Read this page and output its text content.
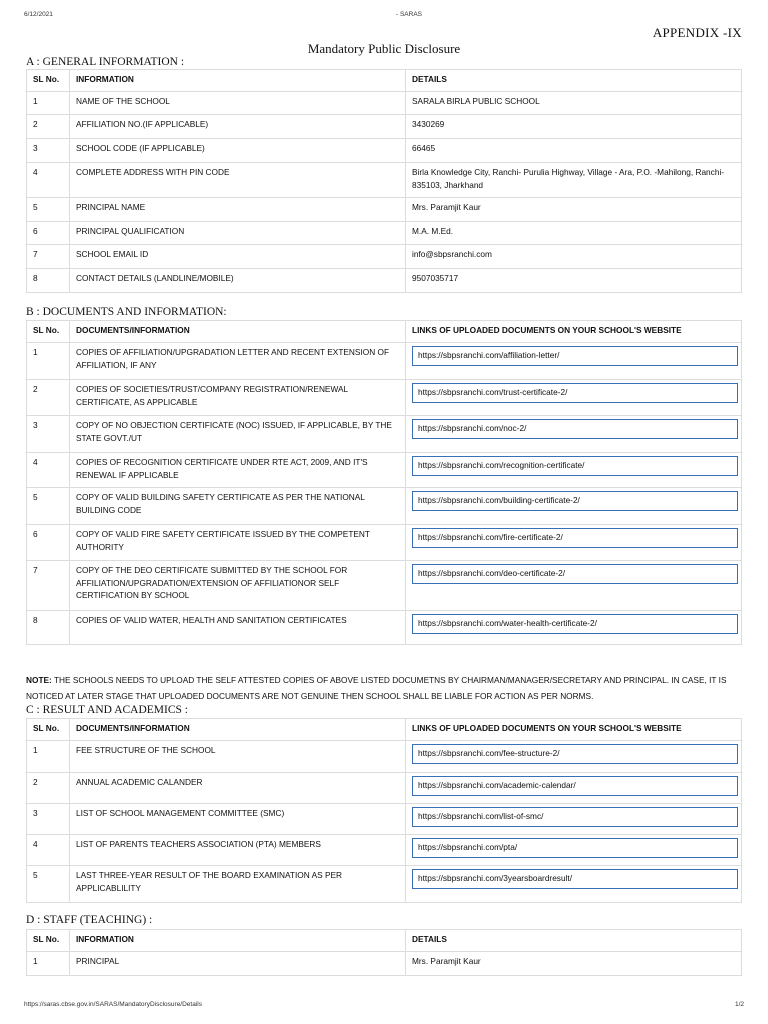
6/12/2021	- SARAS
APPENDIX -IX
Mandatory Public Disclosure
A : GENERAL INFORMATION :
SL No.	INFORMATION	DETAILS
1	NAME OF THE SCHOOL	SARALA BIRLA PUBLIC SCHOOL
2	AFFILIATION NO.(IF APPLICABLE)	3430269
3	SCHOOL CODE (IF APPLICABLE)	66465
4	COMPLETE ADDRESS WITH PIN CODE	Birla Knowledge City, Ranchi- Purulia Highway, Village - Ara, P.O. -Mahilong, Ranchi- 835103, Jharkhand
5	PRINCIPAL NAME	Mrs. Paramjit Kaur
6	PRINCIPAL QUALIFICATION	M.A. M.Ed.
7	SCHOOL EMAIL ID	info@sbpsranchi.com
8	CONTACT DETAILS (LANDLINE/MOBILE)	9507035717
B : DOCUMENTS AND INFORMATION:
SL No.	DOCUMENTS/INFORMATION	LINKS OF UPLOADED DOCUMENTS ON YOUR SCHOOL'S WEBSITE
1	COPIES OF AFFILIATION/UPGRADATION LETTER AND RECENT EXTENSION OF AFFILIATION, IF ANY	https://sbpsranchi.com/affiliation-letter/

2	COPIES OF SOCIETIES/TRUST/COMPANY REGISTRATION/RENEWAL CERTIFICATE, AS APPLICABLE	https://sbpsranchi.com/trust-certificate-2/

3	COPY OF NO OBJECTION CERTIFICATE (NOC) ISSUED, IF APPLICABLE, BY THE STATE GOVT./UT	https://sbpsranchi.com/noc-2/

4	COPIES OF RECOGNITION CERTIFICATE UNDER RTE ACT, 2009, AND IT'S RENEWAL IF APPLICABLE	https://sbpsranchi.com/recognition-certificate/

5	COPY OF VALID BUILDING SAFETY CERTIFICATE AS PER THE NATIONAL BUILDING CODE	https://sbpsranchi.com/building-certificate-2/

6	COPY OF VALID FIRE SAFETY CERTIFICATE ISSUED BY THE COMPETENT AUTHORITY	https://sbpsranchi.com/fire-certificate-2/

7	COPY OF THE DEO CERTIFICATE SUBMITTED BY THE SCHOOL FOR AFFILIATION/UPGRADATION/EXTENSION OF AFFILIATIONOR SELF CERTIFICATION BY SCHOOL	https://sbpsranchi.com/deo-certificate-2/

8	COPIES OF VALID WATER, HEALTH AND SANITATION CERTIFICATES	https://sbpsranchi.com/water-health-certificate-2/
NOTE: THE SCHOOLS NEEDS TO UPLOAD THE SELF ATTESTED COPIES OF ABOVE LISTED DOCUMETNS BY CHAIRMAN/MANAGER/SECRETARY AND PRINCIPAL. IN CASE, IT IS NOTICED AT LATER STAGE THAT UPLOADED DOCUMENTS ARE NOT GENUINE THEN SCHOOL SHALL BE LIABLE FOR ACTION AS PER NORMS.
C : RESULT AND ACADEMICS :
SL No.	DOCUMENTS/INFORMATION	LINKS OF UPLOADED DOCUMENTS ON YOUR SCHOOL'S WEBSITE
1	FEE STRUCTURE OF THE SCHOOL	https://sbpsranchi.com/fee-structure-2/

2	ANNUAL ACADEMIC CALANDER	https://sbpsranchi.com/academic-calendar/

3	LIST OF SCHOOL MANAGEMENT COMMITTEE (SMC)	https://sbpsranchi.com/list-of-smc/

4	LIST OF PARENTS TEACHERS ASSOCIATION (PTA) MEMBERS	https://sbpsranchi.com/pta/

5	LAST THREE-YEAR RESULT OF THE BOARD EXAMINATION AS PER APPLICABLILITY	https://sbpsranchi.com/3yearsboardresult/
D : STAFF (TEACHING) :
SL No.	INFORMATION	DETAILS
1	PRINCIPAL	Mrs. Paramjit Kaur
https://saras.cbse.gov.in/SARAS/MandatoryDisclosure/Details	1/2
